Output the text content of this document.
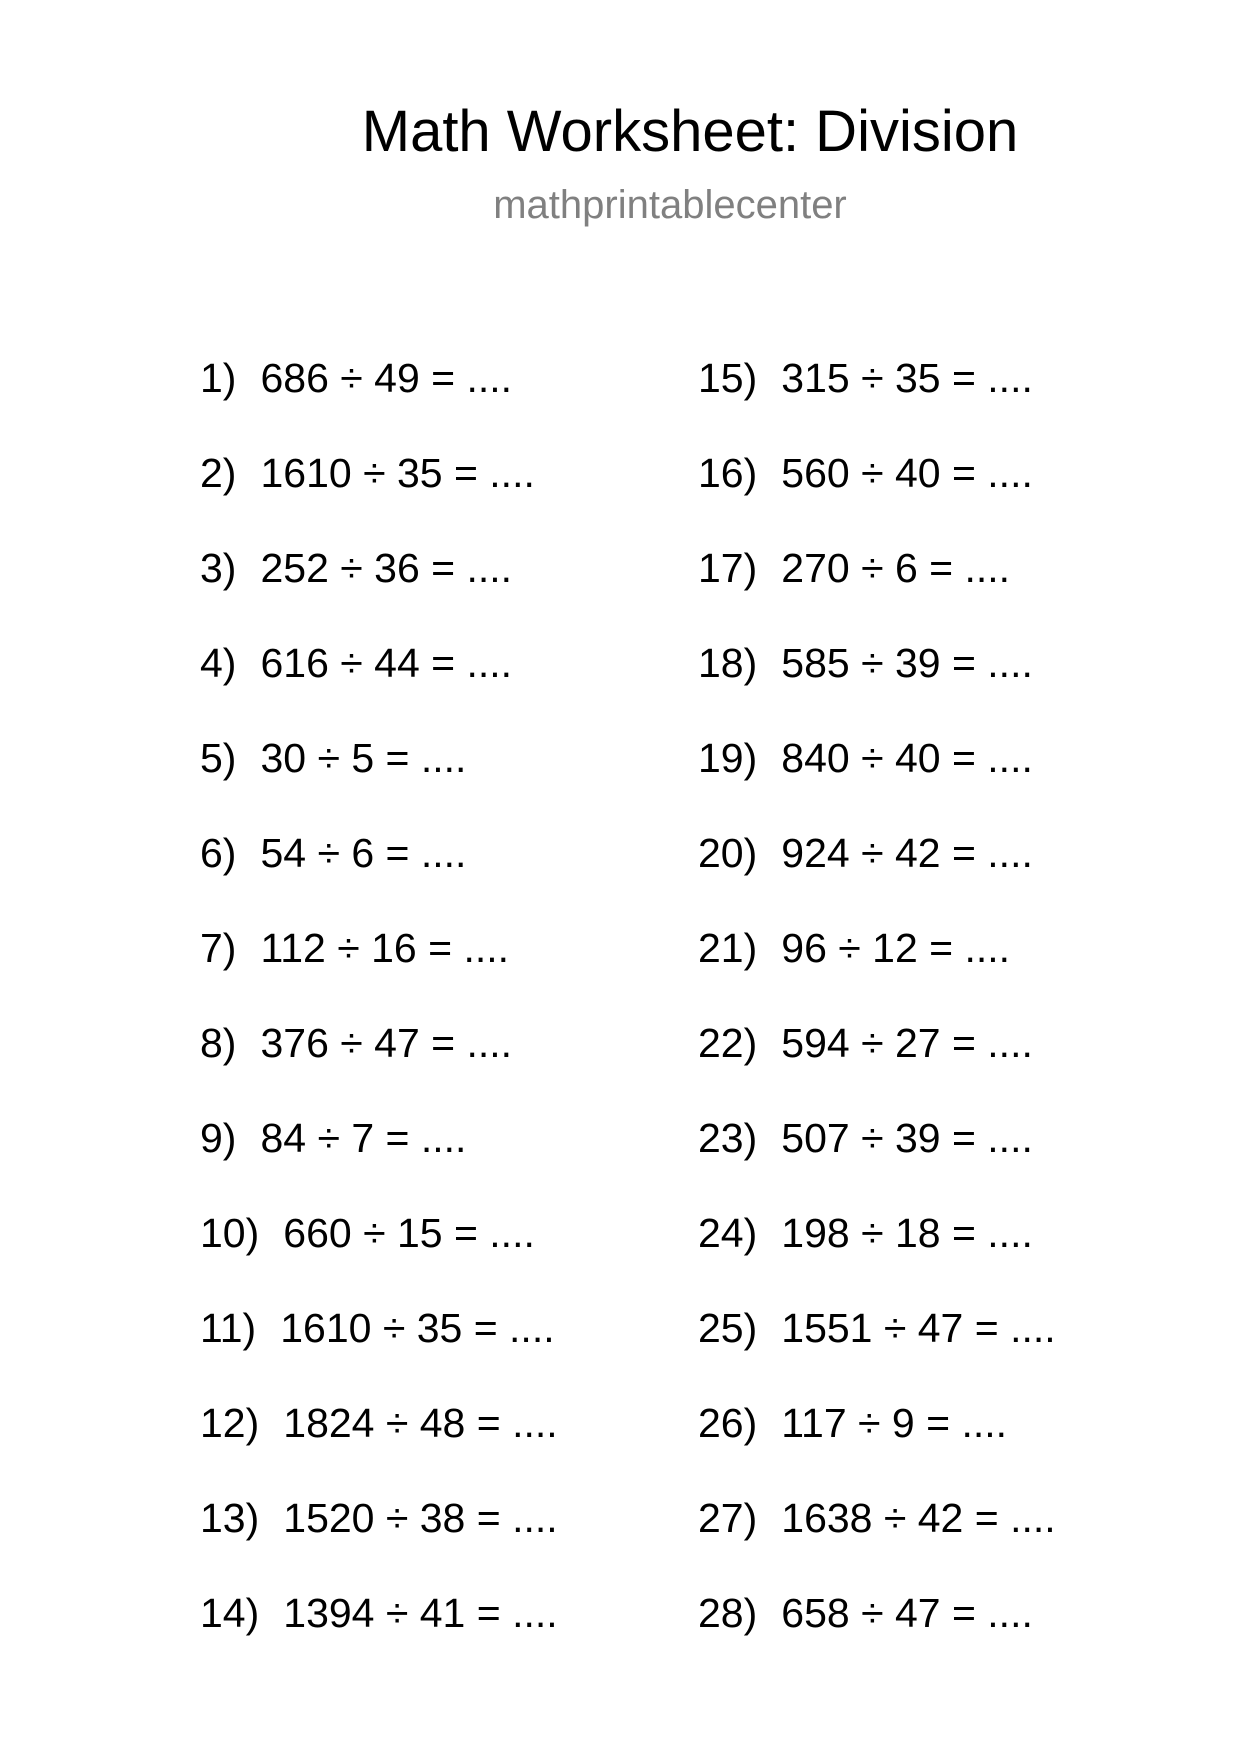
Math Worksheet: Division
mathprintablecenter
1) 686 ÷ 49 = ....
2) 1610 ÷ 35 = ....
3) 252 ÷ 36 = ....
4) 616 ÷ 44 = ....
5) 30 ÷ 5 = ....
6) 54 ÷ 6 = ....
7) 112 ÷ 16 = ....
8) 376 ÷ 47 = ....
9) 84 ÷ 7 = ....
10) 660 ÷ 15 = ....
11) 1610 ÷ 35 = ....
12) 1824 ÷ 48 = ....
13) 1520 ÷ 38 = ....
14) 1394 ÷ 41 = ....
15) 315 ÷ 35 = ....
16) 560 ÷ 40 = ....
17) 270 ÷ 6 = ....
18) 585 ÷ 39 = ....
19) 840 ÷ 40 = ....
20) 924 ÷ 42 = ....
21) 96 ÷ 12 = ....
22) 594 ÷ 27 = ....
23) 507 ÷ 39 = ....
24) 198 ÷ 18 = ....
25) 1551 ÷ 47 = ....
26) 117 ÷ 9 = ....
27) 1638 ÷ 42 = ....
28) 658 ÷ 47 = ....
